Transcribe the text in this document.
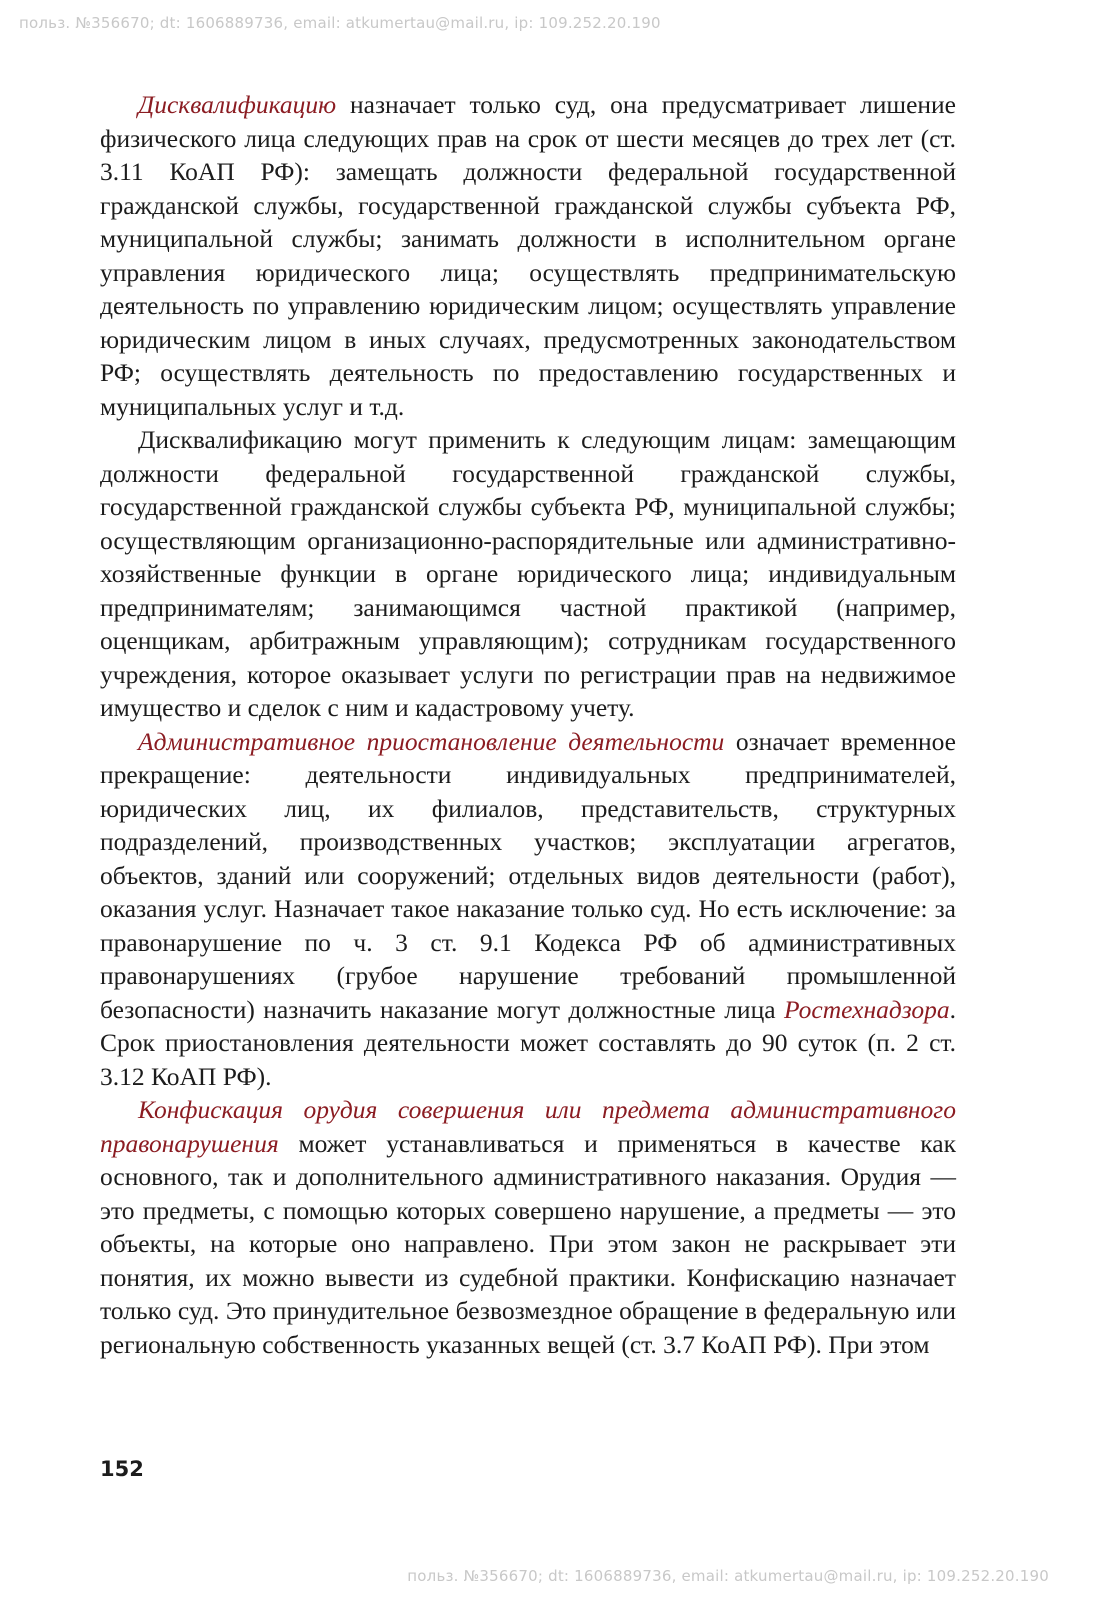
польз. №356670; dt: 1606889736, email: atkumertau@mail.ru, ip: 109.252.20.190

Дисквалификацию назначает только суд, она предусматривает лишение физического лица следующих прав на срок от шести месяцев до трех лет (ст. 3.11 КоАП РФ): замещать должности федеральной государственной гражданской службы, государственной гражданской службы субъекта РФ, муниципальной службы; занимать должности в исполнительном органе управления юридического лица; осуществлять предпринимательскую деятельность по управлению юридическим лицом; осуществлять управление юридическим лицом в иных случаях, предусмотренных законодательством РФ; осуществлять деятельность по предоставлению государственных и муниципальных услуг и т.д.

Дисквалификацию могут применить к следующим лицам: замещающим должности федеральной государственной гражданской службы, государственной гражданской службы субъекта РФ, муниципальной службы; осуществляющим организационно-распорядительные или административно-хозяйственные функции в органе юридического лица; индивидуальным предпринимателям; занимающимся частной практикой (например, оценщикам, арбитражным управляющим); сотрудникам государственного учреждения, которое оказывает услуги по регистрации прав на недвижимое имущество и сделок с ним и кадастровому учету.

Административное приостановление деятельности означает временное прекращение: деятельности индивидуальных предпринимателей, юридических лиц, их филиалов, представительств, структурных подразделений, производственных участков; эксплуатации агрегатов, объектов, зданий или сооружений; отдельных видов деятельности (работ), оказания услуг. Назначает такое наказание только суд. Но есть исключение: за правонарушение по ч. 3 ст. 9.1 Кодекса РФ об административных правонарушениях (грубое нарушение требований промышленной безопасности) назначить наказание могут должностные лица Ростехнадзора. Срок приостановления деятельности может составлять до 90 суток (п. 2 ст. 3.12 КоАП РФ).

Конфискация орудия совершения или предмета административного правонарушения может устанавливаться и применяться в качестве как основного, так и дополнительного административного наказания. Орудия — это предметы, с помощью которых совершено нарушение, а предметы — это объекты, на которые оно направлено. При этом закон не раскрывает эти понятия, их можно вывести из судебной практики. Конфискацию назначает только суд. Это принудительное безвозмездное обращение в федеральную или региональную собственность указанных вещей (ст. 3.7 КоАП РФ). При этом

152
польз. №356670; dt: 1606889736, email: atkumertau@mail.ru, ip: 109.252.20.190
